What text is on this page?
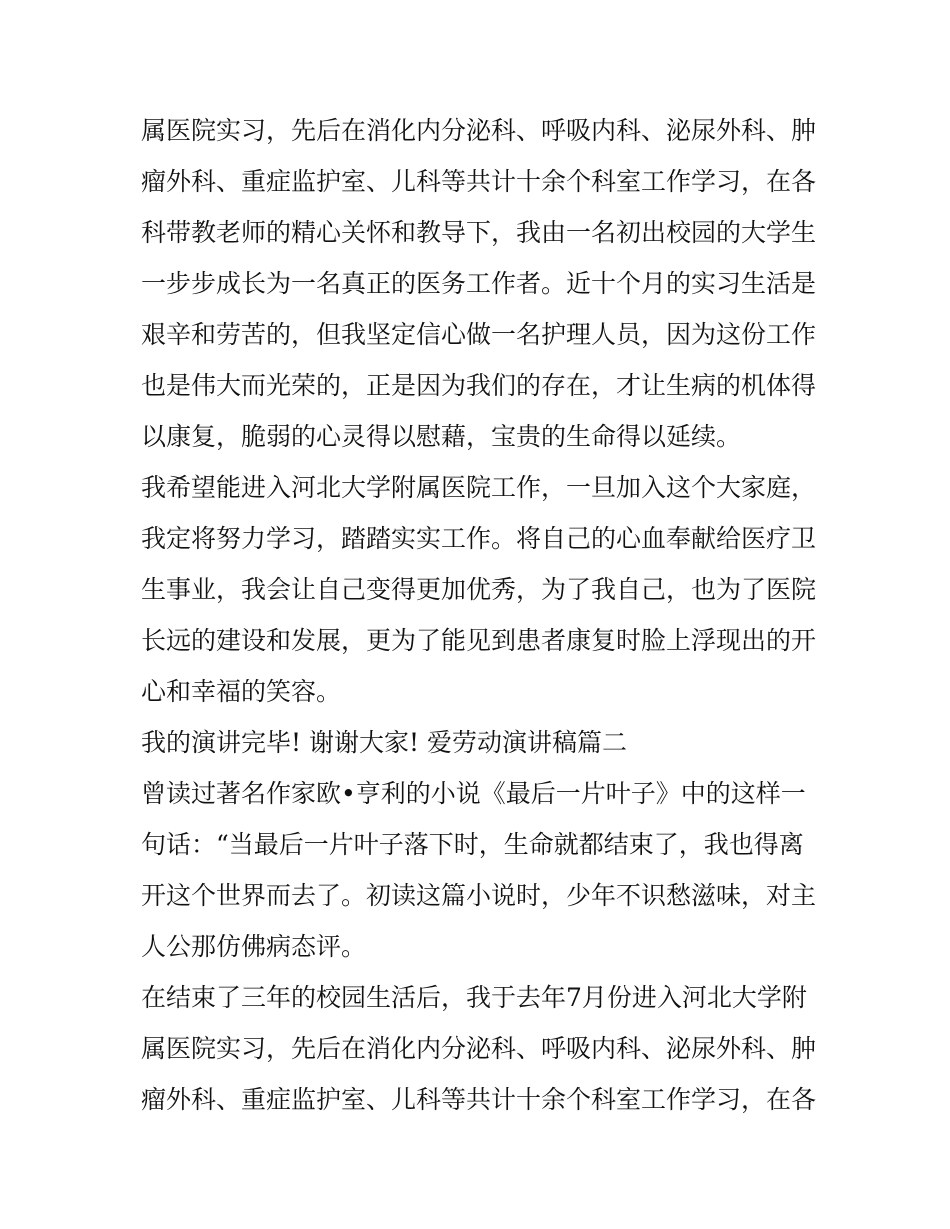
属医院实习，先后在消化内分泌科、呼吸内科、泌尿外科、肿
瘤外科、重症监护室、儿科等共计十余个科室工作学习，在各
科带教老师的精心关怀和教导下，我由一名初出校园的大学生
一步步成长为一名真正的医务工作者。近十个月的实习生活是
艰辛和劳苦的，但我坚定信心做一名护理人员，因为这份工作
也是伟大而光荣的，正是因为我们的存在，才让生病的机体得
以康复，脆弱的心灵得以慰藉，宝贵的生命得以延续。
我希望能进入河北大学附属医院工作，一旦加入这个大家庭，
我定将努力学习，踏踏实实工作。将自己的心血奉献给医疗卫
生事业，我会让自己变得更加优秀，为了我自己，也为了医院
长远的建设和发展，更为了能见到患者康复时脸上浮现出的开
心和幸福的笑容。
我的演讲完毕! 谢谢大家! 爱劳动演讲稿篇二
曾读过著名作家欧•亨利的小说《最后一片叶子》中的这样一
句话：“当最后一片叶子落下时，生命就都结束了，我也得离
开这个世界而去了。初读这篇小说时，少年不识愁滋味，对主
人公那仿佛病态评。
在结束了三年的校园生活后，我于去年7月份进入河北大学附
属医院实习，先后在消化内分泌科、呼吸内科、泌尿外科、肿
瘤外科、重症监护室、儿科等共计十余个科室工作学习，在各
